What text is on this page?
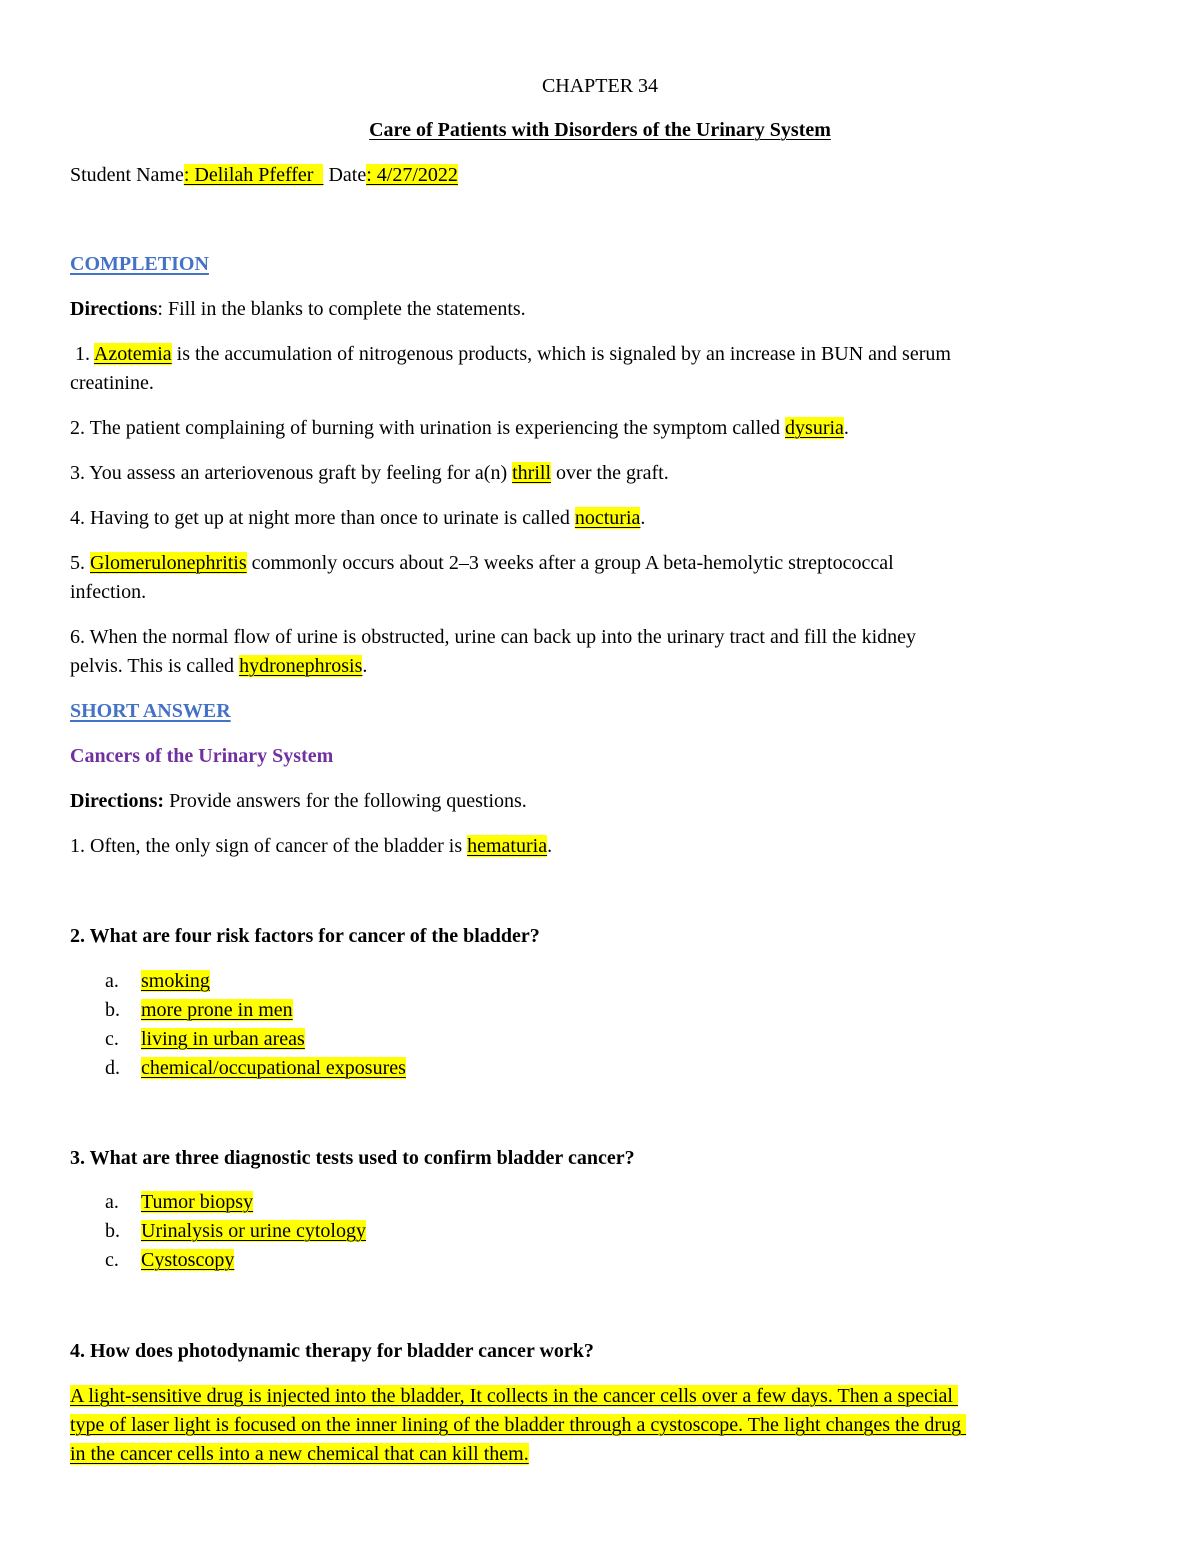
CHAPTER 34
Care of Patients with Disorders of the Urinary System
Student Name: Delilah Pfeffer   Date: 4/27/2022
COMPLETION
Directions: Fill in the blanks to complete the statements.
1. Azotemia is the accumulation of nitrogenous products, which is signaled by an increase in BUN and serum
creatinine.
2. The patient complaining of burning with urination is experiencing the symptom called dysuria.
3. You assess an arteriovenous graft by feeling for a(n) thrill over the graft.
4. Having to get up at night more than once to urinate is called nocturia.
5. Glomerulonephritis commonly occurs about 2–3 weeks after a group A beta-hemolytic streptococcal
infection.
6. When the normal flow of urine is obstructed, urine can back up into the urinary tract and fill the kidney
pelvis. This is called hydronephrosis.
SHORT ANSWER
Cancers of the Urinary System
Directions: Provide answers for the following questions.
1. Often, the only sign of cancer of the bladder is hematuria.
2. What are four risk factors for cancer of the bladder?
a. smoking
b. more prone in men
c. living in urban areas
d. chemical/occupational exposures
3. What are three diagnostic tests used to confirm bladder cancer?
a. Tumor biopsy
b. Urinalysis or urine cytology
c. Cystoscopy
4. How does photodynamic therapy for bladder cancer work?
A light-sensitive drug is injected into the bladder, It collects in the cancer cells over a few days. Then a special
type of laser light is focused on the inner lining of the bladder through a cystoscope. The light changes the drug
in the cancer cells into a new chemical that can kill them.
